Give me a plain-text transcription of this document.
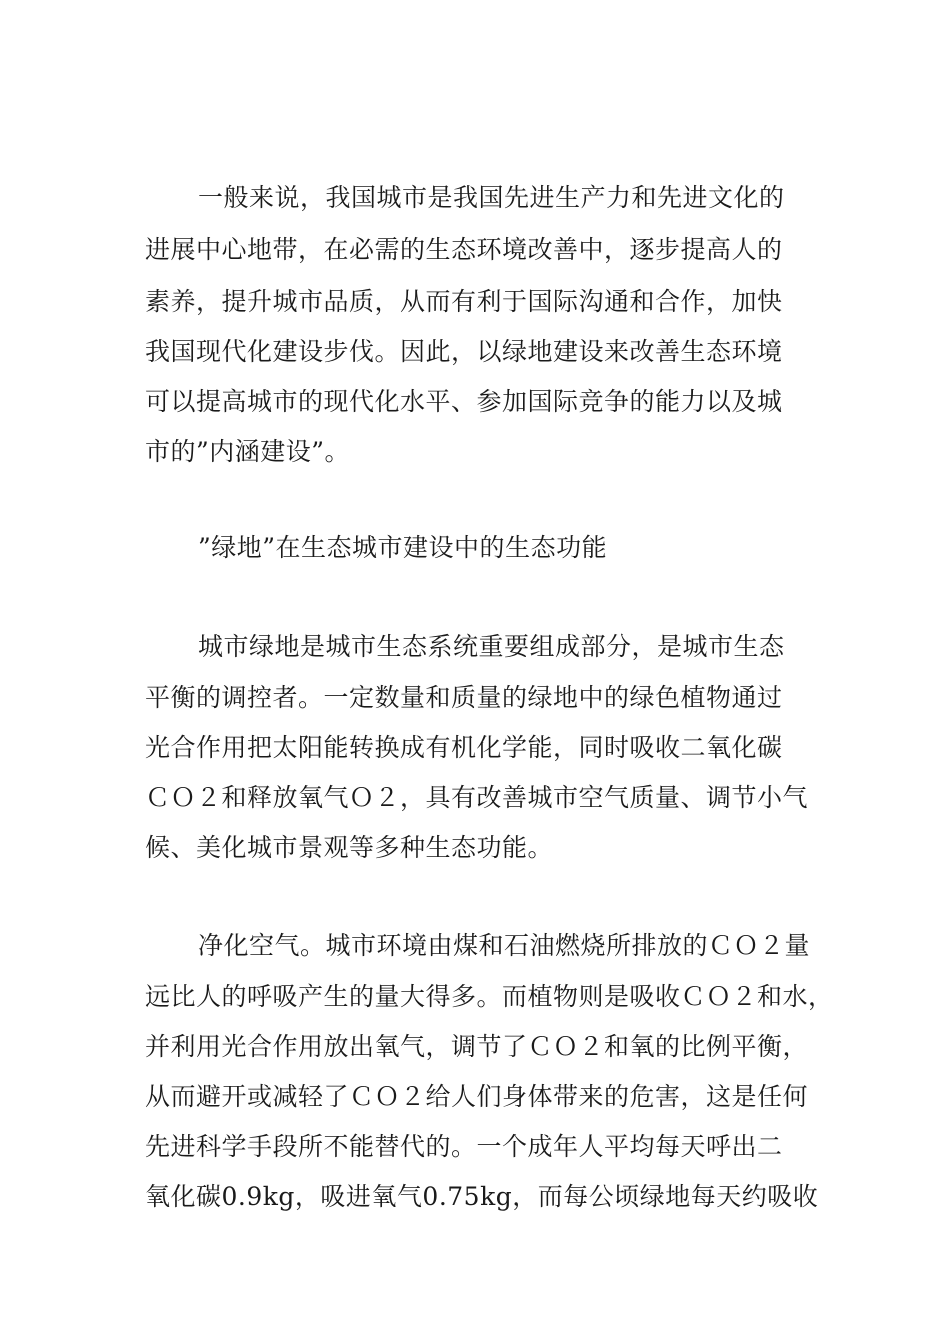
一般来说，我国城市是我国先进生产力和先进文化的
进展中心地带，在必需的生态环境改善中，逐步提高人的
素养，提升城市品质，从而有利于国际沟通和合作，加快
我国现代化建设步伐。因此，以绿地建设来改善生态环境
可以提高城市的现代化水平、参加国际竞争的能力以及城
市的”内涵建设”。
”绿地”在生态城市建设中的生态功能
城市绿地是城市生态系统重要组成部分，是城市生态
平衡的调控者。一定数量和质量的绿地中的绿色植物通过
光合作用把太阳能转换成有机化学能，同时吸收二氧化碳
ＣＯ２和释放氧气Ｏ２，具有改善城市空气质量、调节小气
候、美化城市景观等多种生态功能。
净化空气。城市环境由煤和石油燃烧所排放的ＣＯ２量
远比人的呼吸产生的量大得多。而植物则是吸收ＣＯ２和水，
并利用光合作用放出氧气，调节了ＣＯ２和氧的比例平衡，
从而避开或减轻了ＣＯ２给人们身体带来的危害，这是任何
先进科学手段所不能替代的。一个成年人平均每天呼出二
氧化碳0.9kg，吸进氧气0.75kg，而每公顷绿地每天约吸收
